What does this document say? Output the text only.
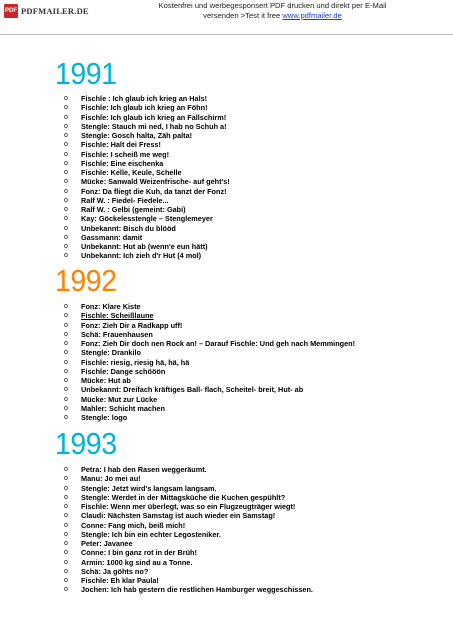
PDF PDFMAILER.DE
Kostenfrei und werbegesponsert PDF drucken und direkt per E-Mail
versenden >Test it free www.pdfmailer.de
1991
o Fischle : Ich glaub ich krieg an Hals!
o Fischle: Ich glaub ich krieg an Föhn!
o Fischle: Ich glaub ich krieg an Fallschirm!
o Stengle: Stauch mi ned, I hab no Schuh a!
o Stengle: Gosch halta, Zäh palta!
o Fischle: Halt dei Fress!
o Fischle: I scheiß me weg!
o Fischle: Eine eischenka
o Fischle: Kelle, Keule, Schelle
o Mücke: Sanwald Weizenfrische- auf geht's!
o Fonz: Da fliegt die Kuh, da tanzt der Fonz!
o Ralf W. : Fiedel- Fiedele...
o Ralf W. : Gelbi (gemeint: Gabi)
o Kay: Göckelesstengle – Stenglemeyer
o Unbekannt: Bisch du blööd
o Gassmann: damit
o Unbekannt: Hut ab (wenn'e eun hätt)
o Unbekannt: Ich zieh d'r Hut (4 mol)
1992
o Fonz: Klare Kiste
o Fischle: Scheißlaune
o Fonz: Zieh Dir a Radkapp uff!
o Schä: Frauenhausen
o Fonz: Zieh Dir doch nen Rock an! – Darauf Fischle: Und geh nach Memmingen!
o Stengle: Drankilo
o Fischle: riesig, riesig hä, hä, hä
o Fischle: Dange schööön
o Mücke: Hut ab
o Unbekannt: Dreifach kräftiges Ball- flach, Scheitel- breit, Hut- ab
o Mücke: Mut zur Lücke
o Mahler: Schicht machen
o Stengle: logo
1993
o Petra: I hab den Rasen weggeräumt.
o Manu: Jo mei au!
o Stengle: Jetzt wird's langsam langsam.
o Stengle: Werdet in der Mittagsküche die Kuchen gespühlt?
o Fischle: Wenn mer überlegt, was so ein Flugzeugträger wiegt!
o Claudi: Nächsten Samstag ist auch wieder ein Samstag!
o Conne: Fang mich, beiß mich!
o Stengle: Ich bin ein echter Legosteniker.
o Peter: Javanee
o Conne: I bin ganz rot in der Brüh!
o Armin: 1000 kg sind au a Tonne.
o Schä: Ja göhts no?
o Fischle: Eh klar Paula!
o Jochen: Ich hab gestern die restlichen Hamburger weggeschissen.
